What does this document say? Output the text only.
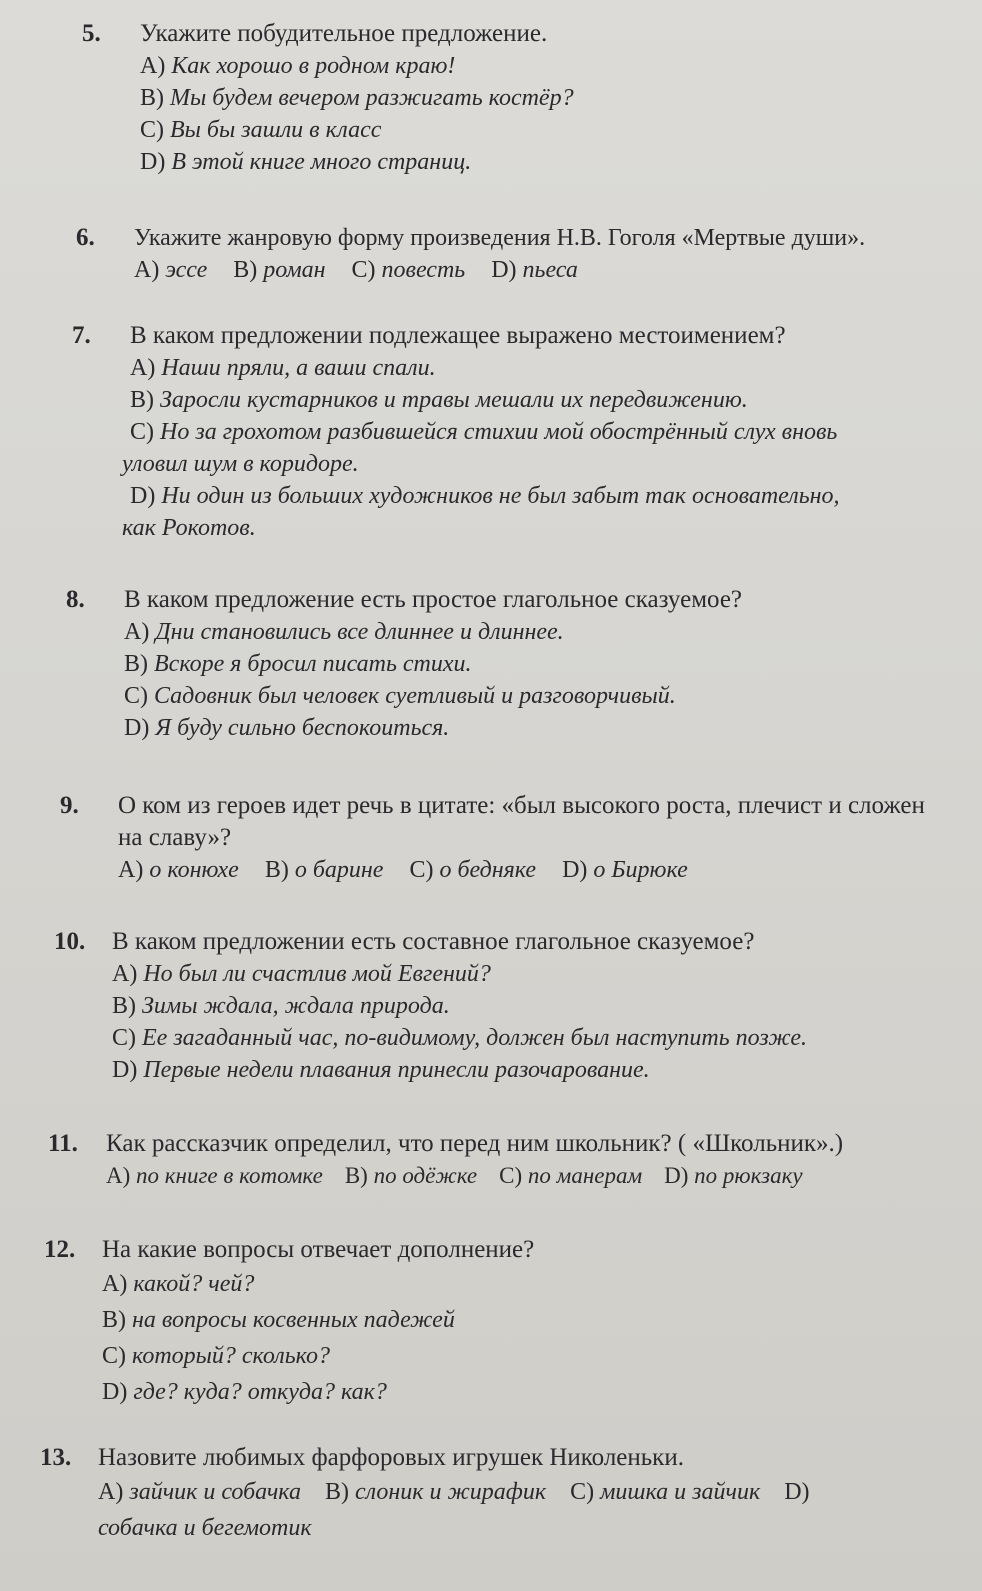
5.	Укажите побудительное предложение.
A) Как хорошо в родном краю!
B) Мы будем вечером разжигать костёр?
C) Вы бы зашли в класс
D) В этой книге много страниц.
6.	Укажите жанровую форму произведения Н.В. Гоголя «Мертвые души».
A) эссе B) роман C) повесть D) пьеса
7.	В каком предложении подлежащее выражено местоимением?
A) Наши пряли, а ваши спали.
B) Заросли кустарников и травы мешали их передвижению.
C) Но за грохотом разбившейся стихии мой обострённый слух вновь
уловил шум в коридоре.
D) Ни один из больших художников не был забыт так основательно,
как Рокотов.
8.	В каком предложение есть простое глагольное сказуемое?
A) Дни становились все длиннее и длиннее.
B) Вскоре я бросил писать стихи.
C) Садовник был человек суетливый и разговорчивый.
D) Я буду сильно беспокоиться.
9.	О ком из героев идет речь в цитате: «был высокого роста, плечист и сложен на славу»?
A) о конюхе B) о барине C) о бедняке D) о Бирюке
10.	В каком предложении есть составное глагольное сказуемое?
A) Но был ли счастлив мой Евгений?
B) Зимы ждала, ждала природа.
C) Ее загаданный час, по-видимому, должен был наступить позже.
D) Первые недели плавания принесли разочарование.
11.	Как рассказчик определил, что перед ним школьник? ( «Школьник».)
A) по книге в котомке B) по одёжке C) по манерам D) по рюкзаку
12.	На какие вопросы отвечает дополнение?
A) какой? чей?
B) на вопросы косвенных падежей
C) который? сколько?
D) где? куда? откуда? как?
13.	Назовите любимых фарфоровых игрушек Николеньки.
A) зайчик и собачка B) слоник и жирафик C) мишка и зайчик D)
собачка и бегемотик
